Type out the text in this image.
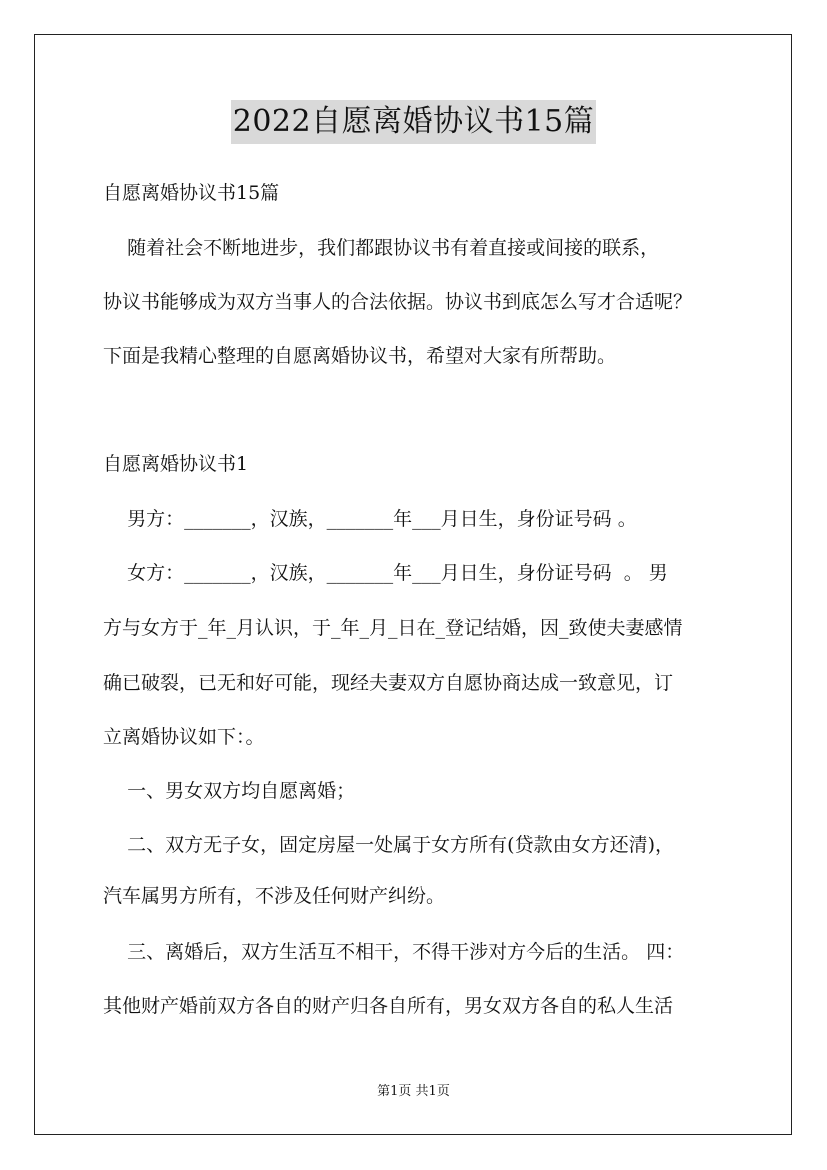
2022自愿离婚协议书15篇

自愿离婚协议书15篇

随着社会不断地进步，我们都跟协议书有着直接或间接的联系，

协议书能够成为双方当事人的合法依据。协议书到底怎么写才合适呢？

下面是我精心整理的自愿离婚协议书，希望对大家有所帮助。

自愿离婚协议书1

男方：_______，汉族，_______年___月日生，身份证号码 。

女方：_______，汉族，_______年___月日生，身份证号码  。 男

方与女方于_年_月认识，于_年_月_日在_登记结婚，因_致使夫妻感情

确已破裂，已无和好可能，现经夫妻双方自愿协商达成一致意见，订

立离婚协议如下：。

一、男女双方均自愿离婚；

二、双方无子女，固定房屋一处属于女方所有(贷款由女方还清)，

汽车属男方所有，不涉及任何财产纠纷。

三、离婚后，双方生活互不相干，不得干涉对方今后的生活。 四：

其他财产婚前双方各自的财产归各自所有，男女双方各自的私人生活

第1页 共1页
